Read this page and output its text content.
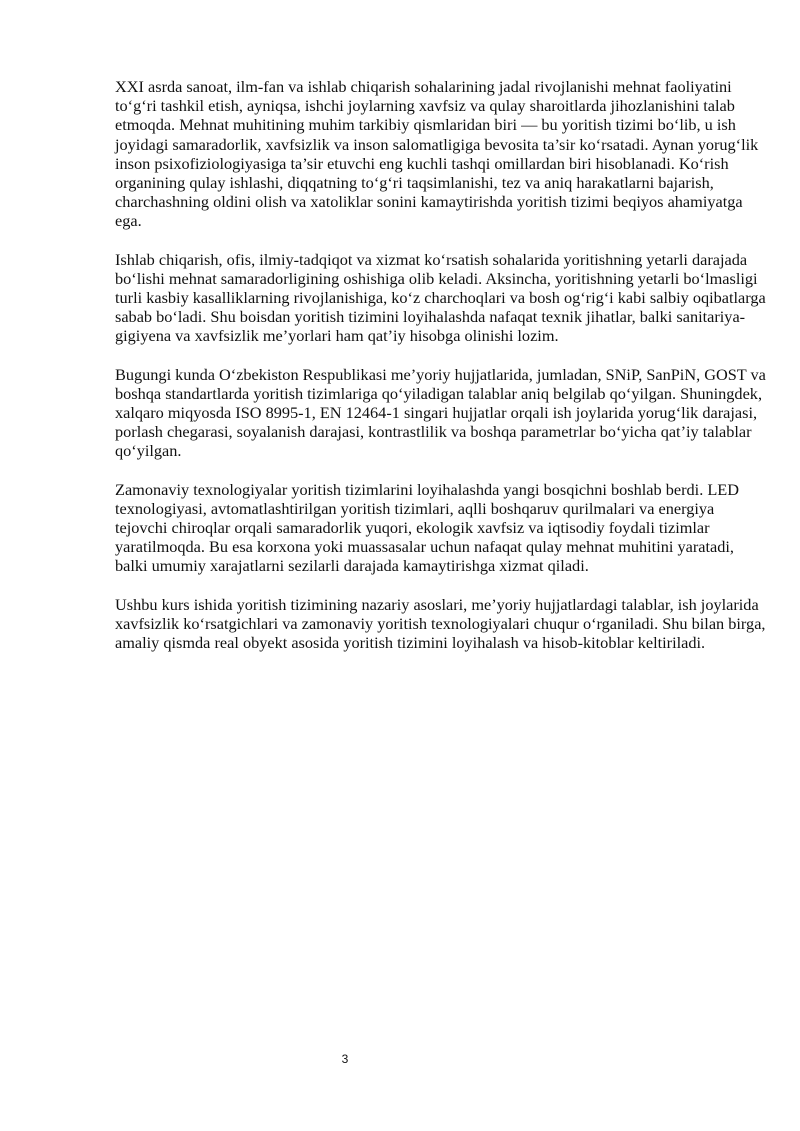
XXI asrda sanoat, ilm-fan va ishlab chiqarish sohalarining jadal rivojlanishi mehnat faoliyatini to‘g‘ri tashkil etish, ayniqsa, ishchi joylarning xavfsiz va qulay sharoitlarda jihozlanishini talab etmoqda. Mehnat muhitining muhim tarkibiy qismlaridan biri — bu yoritish tizimi bo‘lib, u ish joyidagi samaradorlik, xavfsizlik va inson salomatligiga bevosita ta’sir ko‘rsatadi. Aynan yorug‘lik inson psixofiziologiyasiga ta’sir etuvchi eng kuchli tashqi omillardan biri hisoblanadi. Ko‘rish organining qulay ishlashi, diqqatning to‘g‘ri taqsimlanishi, tez va aniq harakatlarni bajarish, charchashning oldini olish va xatoliklar sonini kamaytirishda yoritish tizimi beqiyos ahamiyatga ega.

Ishlab chiqarish, ofis, ilmiy-tadqiqot va xizmat ko‘rsatish sohalarida yoritishning yetarli darajada bo‘lishi mehnat samaradorligining oshishiga olib keladi. Aksincha, yoritishning yetarli bo‘lmasligi turli kasbiy kasalliklarning rivojlanishiga, ko‘z charchoqlari va bosh og‘rig‘i kabi salbiy oqibatlarga sabab bo‘ladi. Shu boisdan yoritish tizimini loyihalashda nafaqat texnik jihatlar, balki sanitariya-gigiyena va xavfsizlik me’yorlari ham qat’iy hisobga olinishi lozim.

Bugungi kunda O‘zbekiston Respublikasi me’yoriy hujjatlarida, jumladan, SNiP, SanPiN, GOST va boshqa standartlarda yoritish tizimlariga qo‘yiladigan talablar aniq belgilab qo‘yilgan. Shuningdek, xalqaro miqyosda ISO 8995-1, EN 12464-1 singari hujjatlar orqali ish joylarida yorug‘lik darajasi, porlash chegarasi, soyalanish darajasi, kontrastlilik va boshqa parametrlar bo‘yicha qat’iy talablar qo‘yilgan.

Zamonaviy texnologiyalar yoritish tizimlarini loyihalashda yangi bosqichni boshlab berdi. LED texnologiyasi, avtomatlashtirilgan yoritish tizimlari, aqlli boshqaruv qurilmalari va energiya tejovchi chiroqlar orqali samaradorlik yuqori, ekologik xavfsiz va iqtisodiy foydali tizimlar yaratilmoqda. Bu esa korxona yoki muassasalar uchun nafaqat qulay mehnat muhitini yaratadi, balki umumiy xarajatlarni sezilarli darajada kamaytirishga xizmat qiladi.

Ushbu kurs ishida yoritish tizimining nazariy asoslari, me’yoriy hujjatlardagi talablar, ish joylarida xavfsizlik ko‘rsatgichlari va zamonaviy yoritish texnologiyalari chuqur o‘rganiladi. Shu bilan birga, amaliy qismda real obyekt asosida yoritish tizimini loyihalash va hisob-kitoblar keltiriladi.

3
